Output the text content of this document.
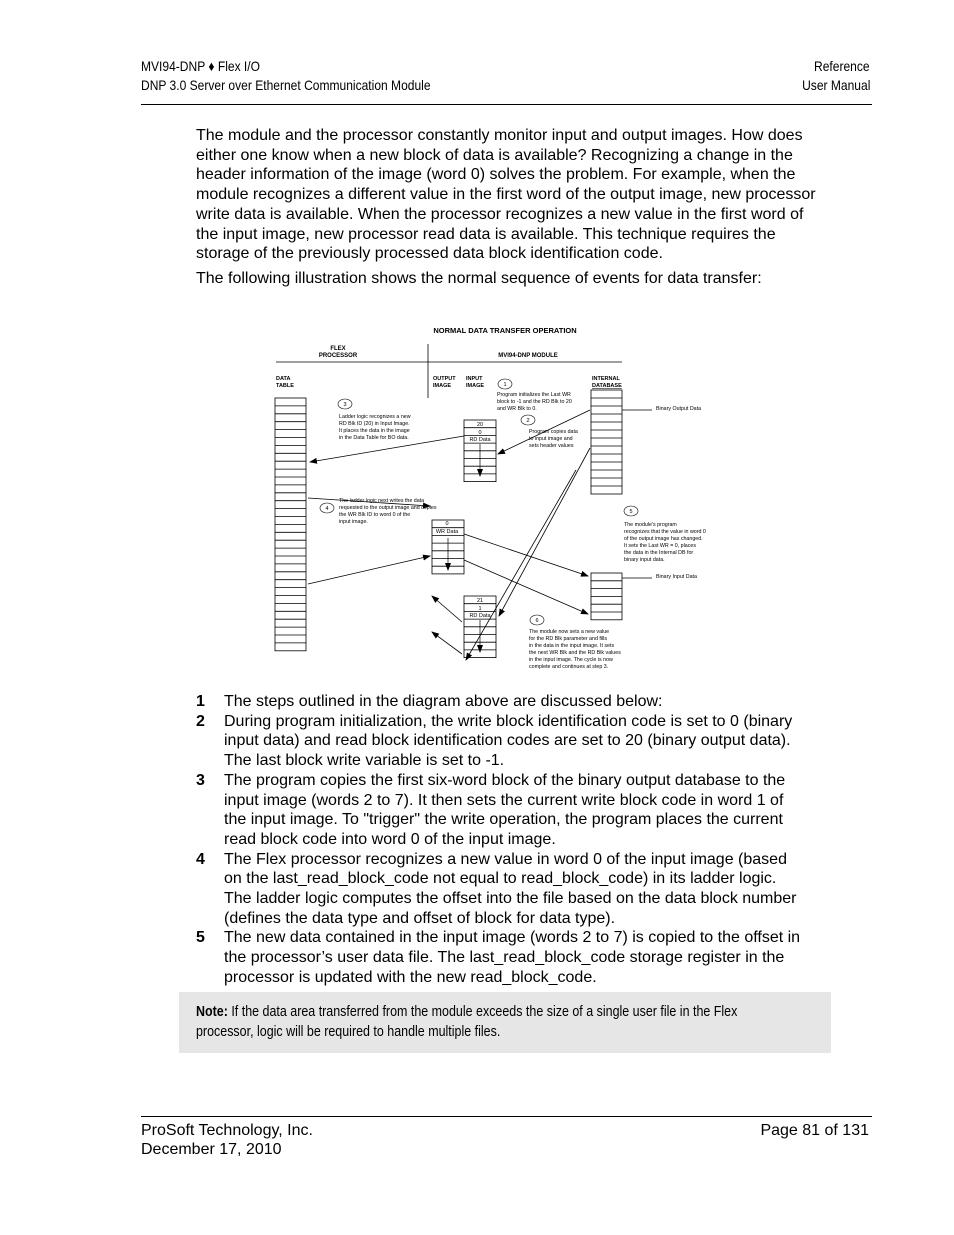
MVI94-DNP ♦ Flex I/O
DNP 3.0 Server over Ethernet Communication Module
Reference
User Manual

The module and the processor constantly monitor input and output images. How does either one know when a new block of data is available? Recognizing a change in the header information of the image (word 0) solves the problem. For example, when the module recognizes a different value in the first word of the output image, new processor write data is available. When the processor recognizes a new value in the first word of the input image, new processor read data is available. This technique requires the storage of the previously processed data block identification code.

The following illustration shows the normal sequence of events for data transfer:

NORMAL DATA TRANSFER OPERATION
FLEX
PROCESSOR	MVI94-DNP MODULE
DATA
TABLE
OUTPUT
IMAGE
INPUT
IMAGE
INTERNAL
DATABASE
Binary Output Data
Binary Input Data
20
0
RD Data
0
WR Data
21
1
RD Data
1
Program initializes the Last WR
block to -1 and the RD Blk to 20
and WR Blk to 0.
2
Program copies data
to input image and
sets header values
3
Ladder logic recognizes a new
RD Blk ID (20) in Input Image.
It places the data in the image
in the Data Table for BO data.
4
The ladder logic next writes the data
requested to the output image and copies
the WR Blk ID to word 0 of the
input image.
5
The module's program
recognizes that the value in word 0
of the output image has changed.
It sets the Last WR = 0, places
the data in the Internal DB for
binary input data.
6
The module now sets a new value
for the RD Blk parameter and fills
in the data in the input image. It sets
the next WR Blk and the RD Blk values
in the input image. The cycle is now
complete and continues at step 3.
1 The steps outlined in the diagram above are discussed below:
2 During program initialization, the write block identification code is set to 0 (binary input data) and read block identification codes are set to 20 (binary output data). The last block write variable is set to -1.
3 The program copies the first six-word block of the binary output database to the input image (words 2 to 7). It then sets the current write block code in word 1 of the input image. To "trigger" the write operation, the program places the current read block code into word 0 of the input image.
4 The Flex processor recognizes a new value in word 0 of the input image (based on the last_read_block_code not equal to read_block_code) in its ladder logic. The ladder logic computes the offset into the file based on the data block number (defines the data type and offset of block for data type).
5 The new data contained in the input image (words 2 to 7) is copied to the offset in the processor’s user data file. The last_read_block_code storage register in the processor is updated with the new read_block_code.
Note: If the data area transferred from the module exceeds the size of a single user file in the Flex processor, logic will be required to handle multiple files.
ProSoft Technology, Inc.
December 17, 2010
Page 81 of 131
